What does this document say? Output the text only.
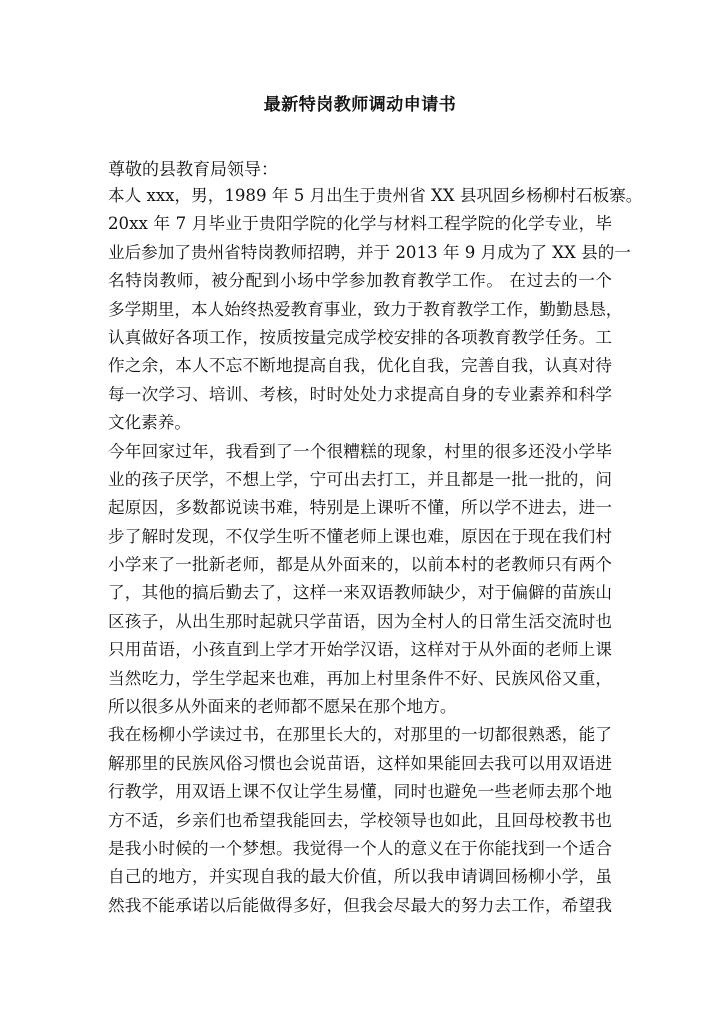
最新特岗教师调动申请书
尊敬的县教育局领导：
本人 xxx，男，1989 年 5 月出生于贵州省 XX 县巩固乡杨柳村石板寨。
20xx 年 7 月毕业于贵阳学院的化学与材料工程学院的化学专业，毕
业后参加了贵州省特岗教师招聘，并于 2013 年 9 月成为了 XX 县的一
名特岗教师，被分配到小场中学参加教育教学工作。 在过去的一个
多学期里，本人始终热爱教育事业，致力于教育教学工作，勤勤恳恳，
认真做好各项工作，按质按量完成学校安排的各项教育教学任务。工
作之余，本人不忘不断地提高自我，优化自我，完善自我，认真对待
每一次学习、培训、考核，时时处处力求提高自身的专业素养和科学
文化素养。
今年回家过年，我看到了一个很糟糕的现象，村里的很多还没小学毕
业的孩子厌学，不想上学，宁可出去打工，并且都是一批一批的，问
起原因，多数都说读书难，特别是上课听不懂，所以学不进去，进一
步了解时发现，不仅学生听不懂老师上课也难，原因在于现在我们村
小学来了一批新老师，都是从外面来的，以前本村的老教师只有两个
了，其他的搞后勤去了，这样一来双语教师缺少，对于偏僻的苗族山
区孩子，从出生那时起就只学苗语，因为全村人的日常生活交流时也
只用苗语，小孩直到上学才开始学汉语，这样对于从外面的老师上课
当然吃力，学生学起来也难，再加上村里条件不好、民族风俗又重，
所以很多从外面来的老师都不愿呆在那个地方。
我在杨柳小学读过书，在那里长大的，对那里的一切都很熟悉，能了
解那里的民族风俗习惯也会说苗语，这样如果能回去我可以用双语进
行教学，用双语上课不仅让学生易懂，同时也避免一些老师去那个地
方不适，乡亲们也希望我能回去，学校领导也如此，且回母校教书也
是我小时候的一个梦想。我觉得一个人的意义在于你能找到一个适合
自己的地方，并实现自我的最大价值，所以我申请调回杨柳小学，虽
然我不能承诺以后能做得多好，但我会尽最大的努力去工作，希望我
